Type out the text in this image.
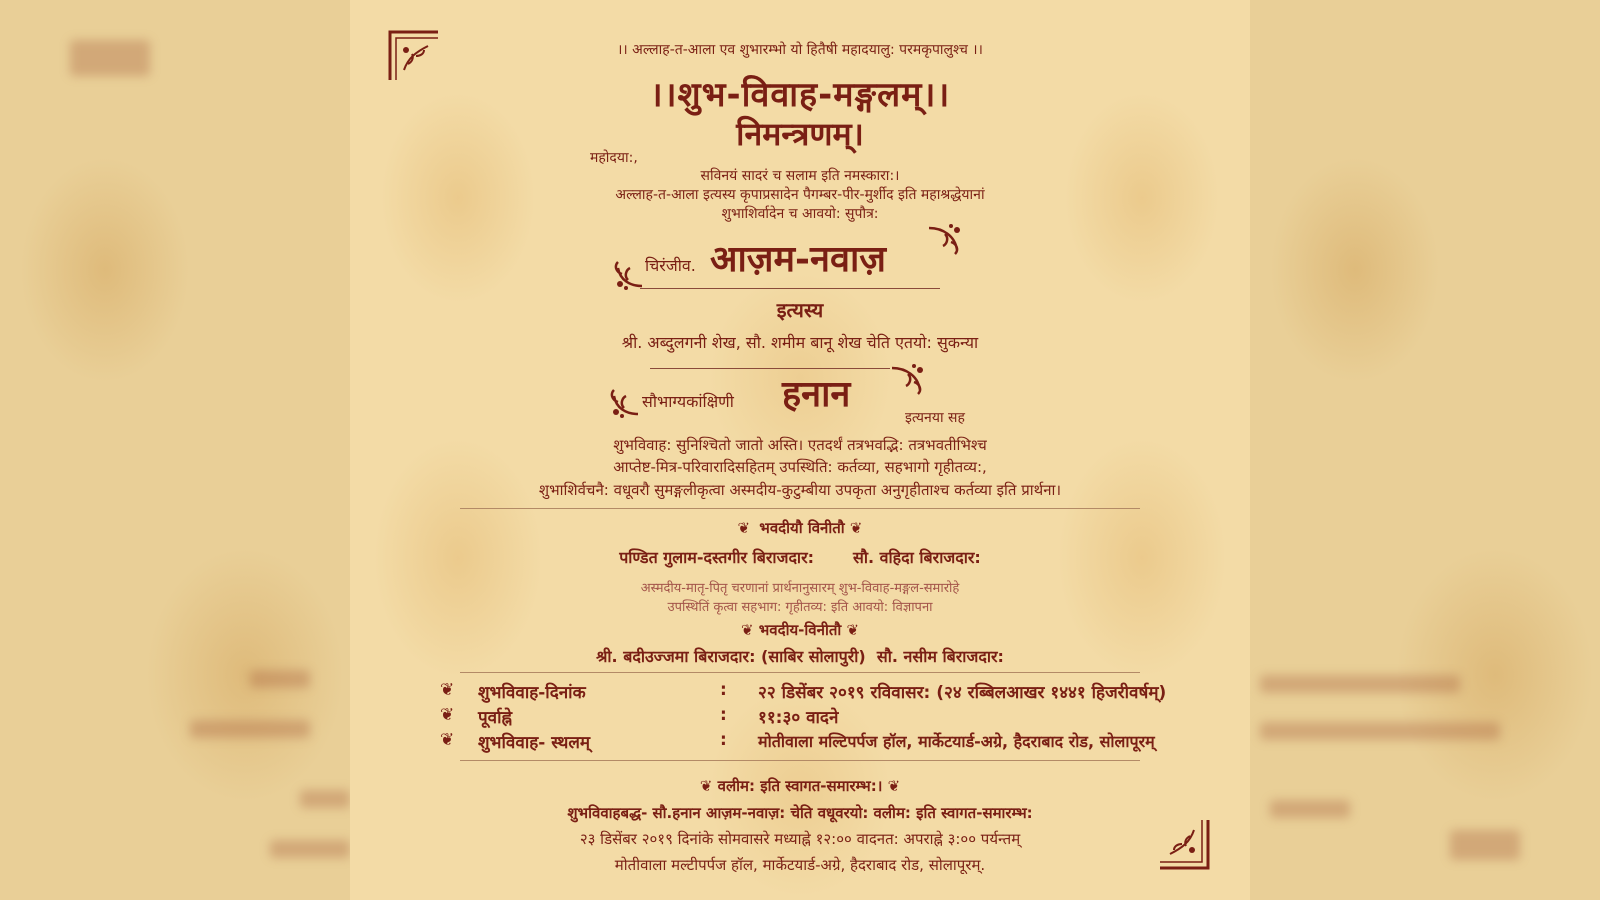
।। अल्लाह-त-आला एव शुभारम्भो यो हितैषी महादयालु: परमकृपालुश्च ।।
।।शुभ-विवाह-मङ्गलम्।।
निमन्त्रणम्।
महोदया:,
सविनयं सादरं च सलाम इति नमस्कारा:।
अल्लाह-त-आला इत्यस्य कृपाप्रसादेन पैगम्बर-पीर-मुर्शीद इति महाश्रद्धेयानां
शुभाशिर्वादेन च आवयो: सुपौत्र:
चिरंजीव. आज़म-नवाज़
इत्यस्य
श्री. अब्दुलगनी शेख, सौ. शमीम बानू शेख चेति एतयो: सुकन्या
सौभाग्यकांक्षिणी हनान
इत्यनया सह
शुभविवाह: सुनिश्चितो जातो अस्ति। एतदर्थं तत्रभवद्भि: तत्रभवतीभिश्च
आप्तेष्ट-मित्र-परिवारादिसहितम् उपस्थिति: कर्तव्या, सहभागो गृहीतव्य:,
शुभाशिर्वचनै: वधूवरौ सुमङ्गलीकृत्वा अस्मदीय-कुटुम्बीया उपकृता अनुगृहीताश्च कर्तव्या इति प्रार्थना।
❦ भवदीयौ विनीतौ ❦
पण्डित गुलाम-दस्तगीर बिराजदार:       सौ. वहिदा बिराजदार:
अस्मदीय-मातृ-पितृ चरणानां प्रार्थनानुसारम् शुभ-विवाह-मङ्गल-समारोहे
उपस्थितिं कृत्वा सहभाग: गृहीतव्य: इति आवयो: विज्ञापना
❦ भवदीय-विनीतौ ❦
श्री. बदीउज्जमा बिराजदार: (साबिर सोलापुरी)  सौ. नसीम बिराजदार:
❦ शुभविवाह-दिनांक	: २२ डिसेंबर २०१९ रविवासर: (२४ रब्बिलआखर १४४१ हिजरीवर्षम्)
❦ पूर्वाह्ने	: ११:३० वादने
❦ शुभविवाह- स्थलम्	: मोतीवाला मल्टिपर्पज हॉल, मार्केटयार्ड-अग्रे, हैदराबाद रोड, सोलापूरम्
❦ वलीम: इति स्वागत-समारम्भ:। ❦
शुभविवाहबद्ध- सौ.हनान आज़म-नवाज़: चेति वधूवरयो: वलीम: इति स्वागत-समारम्भ:
२३ डिसेंबर २०१९ दिनांके सोमवासरे मध्याह्ने १२:०० वादनत: अपराह्ने ३:०० पर्यन्तम्
मोतीवाला मल्टीपर्पज हॉल, मार्केटयार्ड-अग्रे, हैदराबाद रोड, सोलापूरम्.
